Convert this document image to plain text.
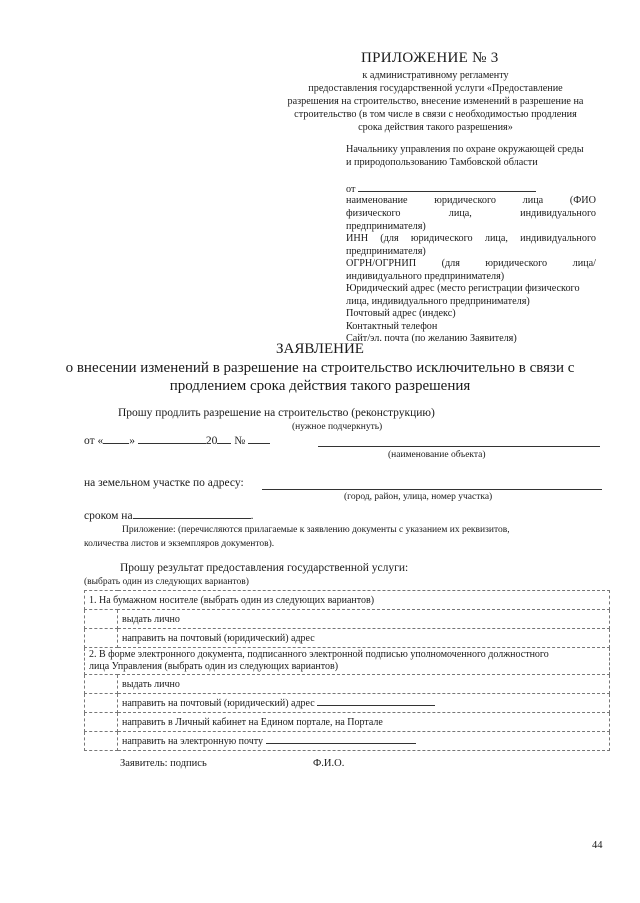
ПРИЛОЖЕНИЕ № 3
к административному регламенту
предоставления государственной услуги «Предоставление
разрешения на строительство, внесение изменений в разрешение на
строительство (в том числе в связи с необходимостью продления
срока действия такого разрешения»
Начальнику управления по охране окружающей среды
и природопользованию Тамбовской области
от
наименование	юридического	лица	(ФИО
физического	лица,	индивидуального
предпринимателя)
ИНН (для юридического лица, индивидуального
предпринимателя)
ОГРН/ОГРНИП (для юридического лица/
индивидуального предпринимателя)
Юридический адрес (место регистрации физического
лица, индивидуального предпринимателя)
Почтовый адрес (индекс)
Контактный телефон
Сайт/эл. почта (по желанию Заявителя)
ЗАЯВЛЕНИЕ
о внесении изменений в разрешение на строительство исключительно в связи с
продлением срока действия такого разрешения
Прошу продлить разрешение на строительство (реконструкцию)
(нужное подчеркнуть)
от « »	20 №
(наименование объекта)
на земельном участке по адресу:
(город, район, улица, номер участка)
сроком на	.
Приложение: (перечисляются прилагаемые к заявлению документы с указанием их реквизитов,
количества листов и экземпляров документов).
Прошу результат предоставления государственной услуги:
(выбрать один из следующих вариантов)
1. На бумажном носителе (выбрать один из следующих вариантов)	
	выдать лично
	направить на почтовый (юридический) адрес

2. В форме электронного документа, подписанного электронной подписью уполномоченного должностного
лица Управления (выбрать один из следующих вариантов)	

	выдать лично
	направить на почтовый (юридический) адрес
	направить в Личный кабинет на Едином портале, на Портале
	направить на электронную почту
Заявитель: подпись	Ф.И.О.
44
